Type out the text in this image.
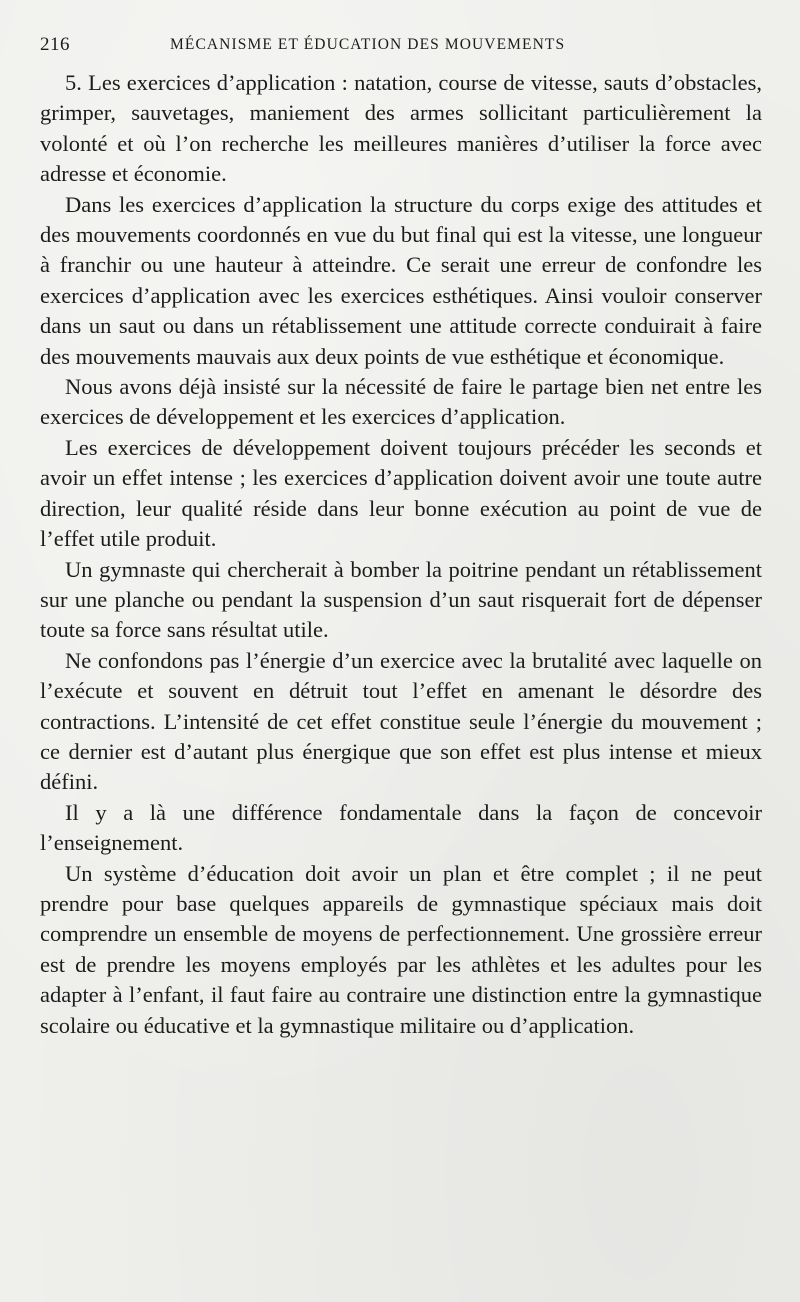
216	MÉCANISME ET ÉDUCATION DES MOUVEMENTS

5. Les exercices d’application : natation, course de vitesse, sauts d’obstacles, grimper, sauvetages, maniement des armes sollicitant particulièrement la volonté et où l’on recherche les meilleures manières d’utiliser la force avec adresse et économie.

Dans les exercices d’application la structure du corps exige des attitudes et des mouvements coordonnés en vue du but final qui est la vitesse, une longueur à franchir ou une hauteur à atteindre. Ce serait une erreur de confondre les exercices d’application avec les exercices esthétiques. Ainsi vouloir conserver dans un saut ou dans un rétablissement une attitude correcte conduirait à faire des mouvements mauvais aux deux points de vue esthétique et économique.

Nous avons déjà insisté sur la nécessité de faire le partage bien net entre les exercices de développement et les exercices d’application.

Les exercices de développement doivent toujours précéder les seconds et avoir un effet intense ; les exercices d’application doivent avoir une toute autre direction, leur qualité réside dans leur bonne exécution au point de vue de l’effet utile produit.

Un gymnaste qui chercherait à bomber la poitrine pendant un rétablissement sur une planche ou pendant la suspension d’un saut risquerait fort de dépenser toute sa force sans résultat utile.

Ne confondons pas l’énergie d’un exercice avec la brutalité avec laquelle on l’exécute et souvent en détruit tout l’effet en amenant le désordre des contractions. L’intensité de cet effet constitue seule l’énergie du mouvement ; ce dernier est d’autant plus énergique que son effet est plus intense et mieux défini.

Il y a là une différence fondamentale dans la façon de concevoir l’enseignement.

Un système d’éducation doit avoir un plan et être complet ; il ne peut prendre pour base quelques appareils de gymnastique spéciaux mais doit comprendre un ensemble de moyens de perfectionnement. Une grossière erreur est de prendre les moyens employés par les athlètes et les adultes pour les adapter à l’enfant, il faut faire au contraire une distinction entre la gymnastique scolaire ou éducative et la gymnastique militaire ou d’application.
